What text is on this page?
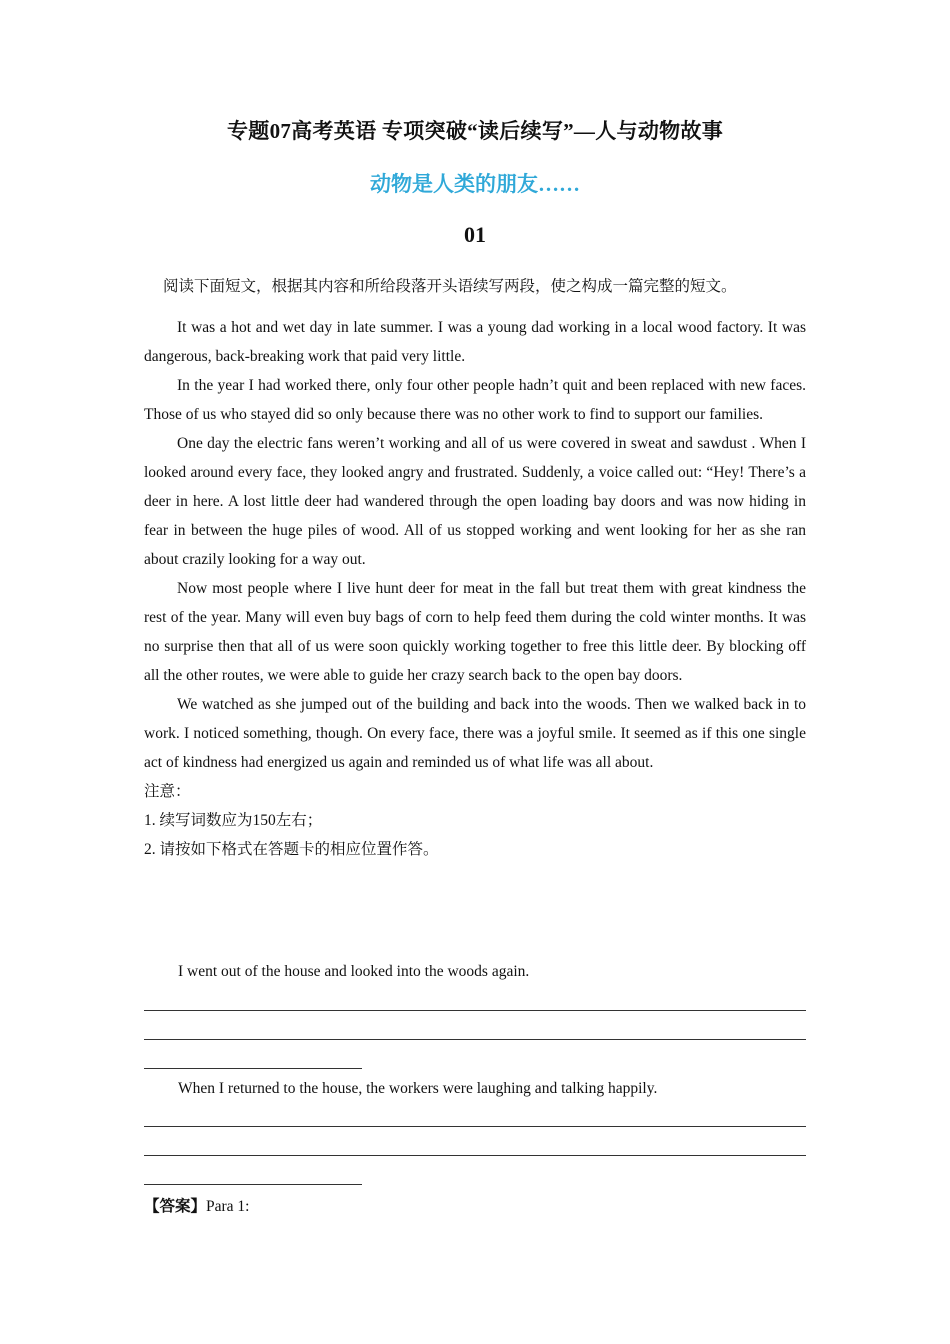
专题07高考英语 专项突破“读后续写”—人与动物故事
动物是人类的朋友……
01
阅读下面短文，根据其内容和所给段落开头语续写两段，使之构成一篇完整的短文。

It was a hot and wet day in late summer. I was a young dad working in a local wood factory. It was dangerous, back-breaking work that paid very little.

In the year I had worked there, only four other people hadn’t quit and been replaced with new faces. Those of us who stayed did so only because there was no other work to find to support our families.

One day the electric fans weren’t working and all of us were covered in sweat and sawdust . When I looked around every face, they looked angry and frustrated. Suddenly, a voice called out: “Hey! There’s a deer in here. A lost little deer had wandered through the open loading bay doors and was now hiding in fear in between the huge piles of wood. All of us stopped working and went looking for her as she ran about crazily looking for a way out.

Now most people where I live hunt deer for meat in the fall but treat them with great kindness the rest of the year. Many will even buy bags of corn to help feed them during the cold winter months. It was no surprise then that all of us were soon quickly working together to free this little deer. By blocking off all the other routes, we were able to guide her crazy search back to the open bay doors.

We watched as she jumped out of the building and back into the woods. Then we walked back in to work. I noticed something, though. On every face, there was a joyful smile. It seemed as if this one single act of kindness had energized us again and reminded us of what life was all about.

注意：

1. 续写词数应为150左右；

2. 请按如下格式在答题卡的相应位置作答。

I went out of the house and looked into the woods again.
When I returned to the house, the workers were laughing and talking happily.
【答案】Para 1:
